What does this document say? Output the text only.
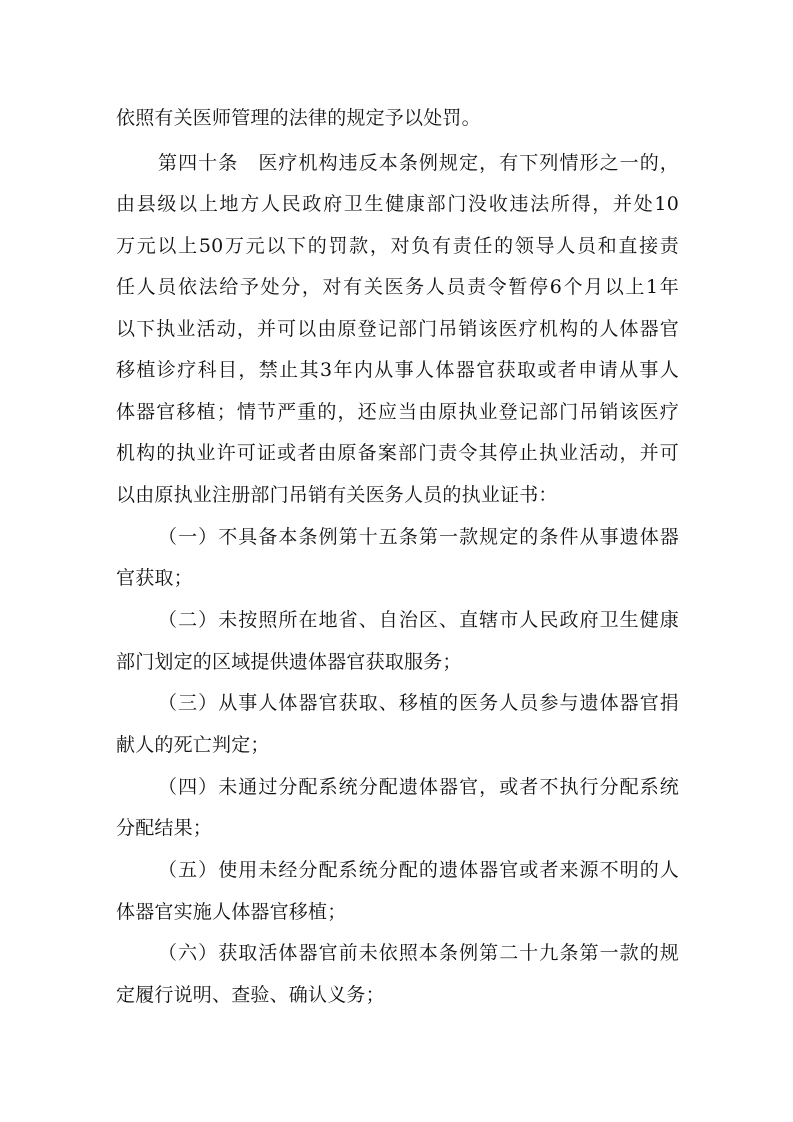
依照有关医师管理的法律的规定予以处罚。
第四十条　医疗机构违反本条例规定，有下列情形之一的，
由县级以上地方人民政府卫生健康部门没收违法所得，并处10
万元以上50万元以下的罚款，对负有责任的领导人员和直接责
任人员依法给予处分，对有关医务人员责令暂停6个月以上1年
以下执业活动，并可以由原登记部门吊销该医疗机构的人体器官
移植诊疗科目，禁止其3年内从事人体器官获取或者申请从事人
体器官移植；情节严重的，还应当由原执业登记部门吊销该医疗
机构的执业许可证或者由原备案部门责令其停止执业活动，并可
以由原执业注册部门吊销有关医务人员的执业证书：
（一）不具备本条例第十五条第一款规定的条件从事遗体器
官获取；
（二）未按照所在地省、自治区、直辖市人民政府卫生健康
部门划定的区域提供遗体器官获取服务；
（三）从事人体器官获取、移植的医务人员参与遗体器官捐
献人的死亡判定；
（四）未通过分配系统分配遗体器官，或者不执行分配系统
分配结果；
（五）使用未经分配系统分配的遗体器官或者来源不明的人
体器官实施人体器官移植；
（六）获取活体器官前未依照本条例第二十九条第一款的规
定履行说明、查验、确认义务；
